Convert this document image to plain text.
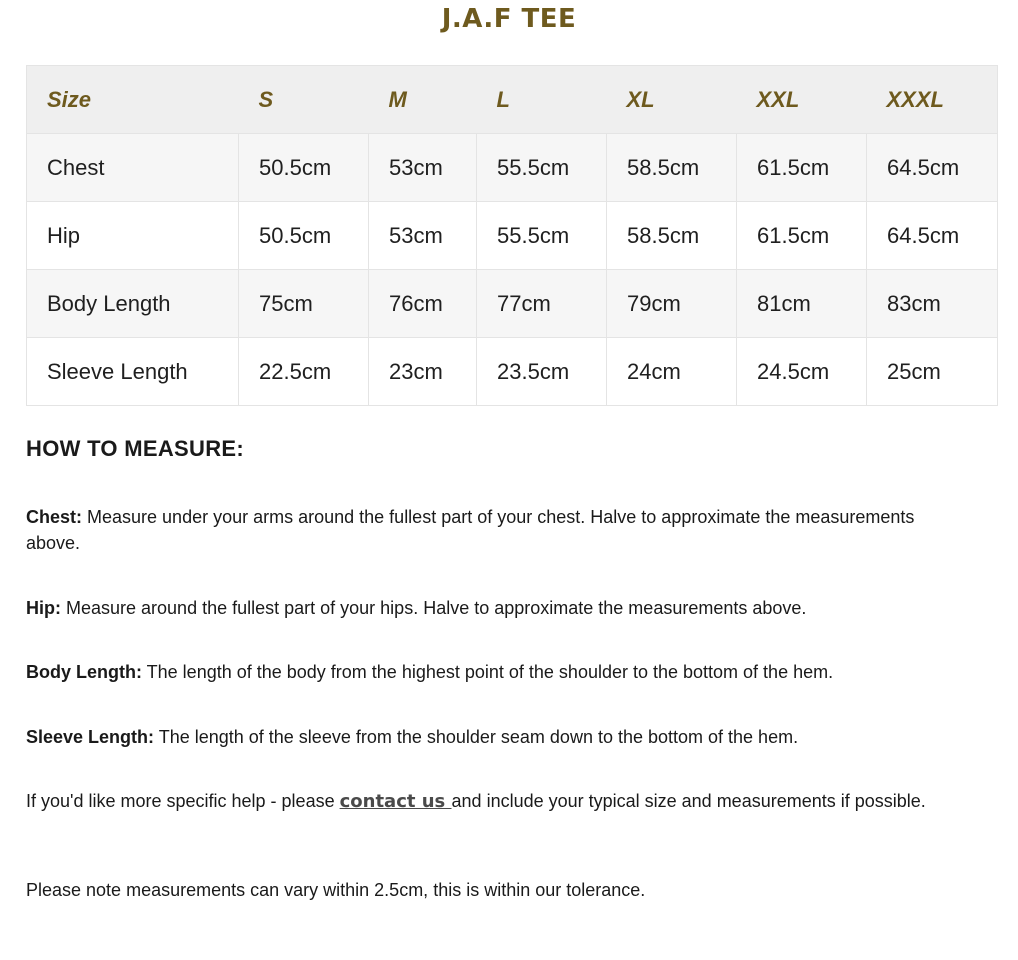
J.A.F TEE
Size	S	M	L	XL	XXL	XXXL
Chest	50.5cm	53cm	55.5cm	58.5cm	61.5cm	64.5cm
Hip	50.5cm	53cm	55.5cm	58.5cm	61.5cm	64.5cm
Body Length	75cm	76cm	77cm	79cm	81cm	83cm
Sleeve Length	22.5cm	23cm	23.5cm	24cm	24.5cm	25cm
HOW TO MEASURE:
Chest: Measure under your arms around the fullest part of your chest. Halve to approximate the measurements above.
Hip: Measure around the fullest part of your hips. Halve to approximate the measurements above.
Body Length: The length of the body from the highest point of the shoulder to the bottom of the hem.
Sleeve Length: The length of the sleeve from the shoulder seam down to the bottom of the hem.
If you'd like more specific help - please contact us and include your typical size and measurements if possible.
Please note measurements can vary within 2.5cm, this is within our tolerance.
